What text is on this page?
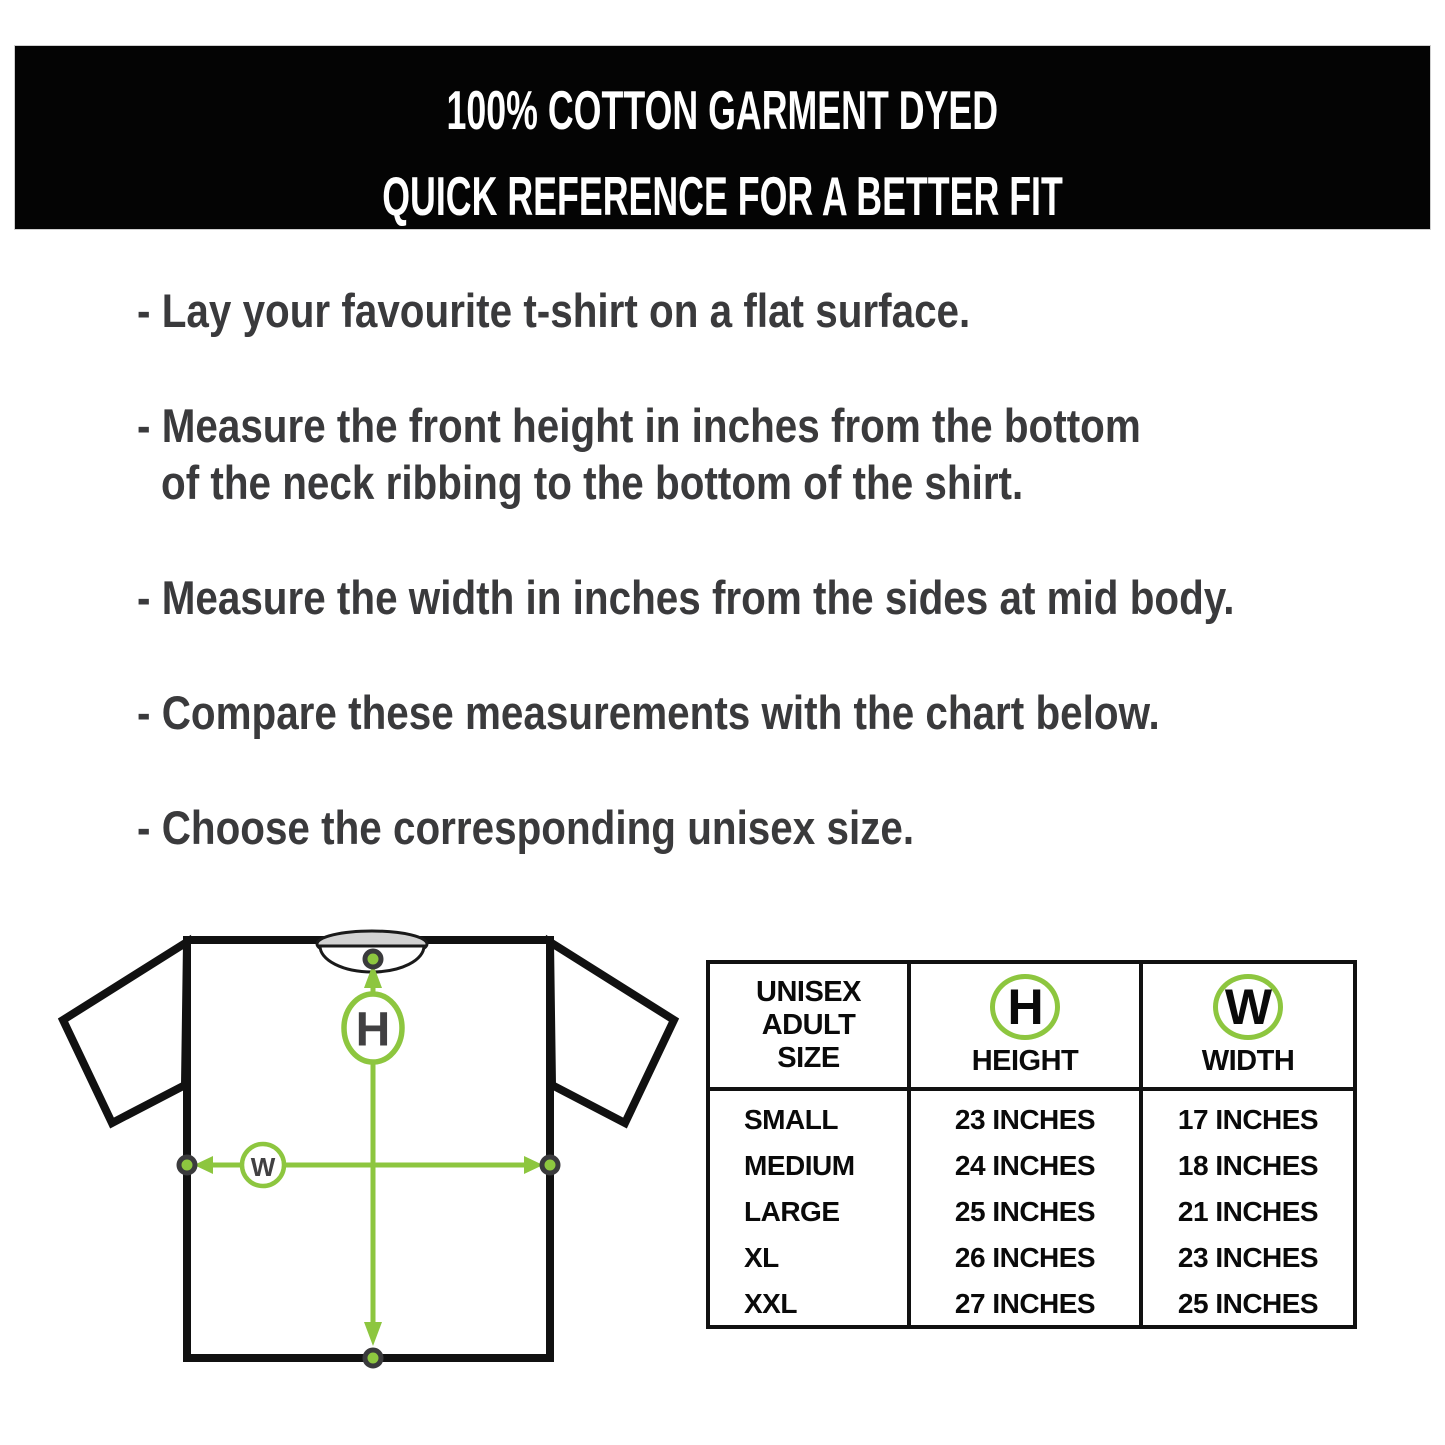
100% COTTON GARMENT DYED
QUICK REFERENCE FOR A BETTER FIT
- Lay your favourite t-shirt on a flat surface.
- Measure the front height in inches from the bottom
of the neck ribbing to the bottom of the shirt.
- Measure the width in inches from the sides at mid body.
- Compare these measurements with the chart below.
- Choose the corresponding unisex size.
H
W
UNISEX
ADULT
SIZE
H
HEIGHT
W
WIDTH
SMALL
MEDIUM
LARGE
XL
XXL
23 INCHES
24 INCHES
25 INCHES
26 INCHES
27 INCHES
17 INCHES
18 INCHES
21 INCHES
23 INCHES
25 INCHES
